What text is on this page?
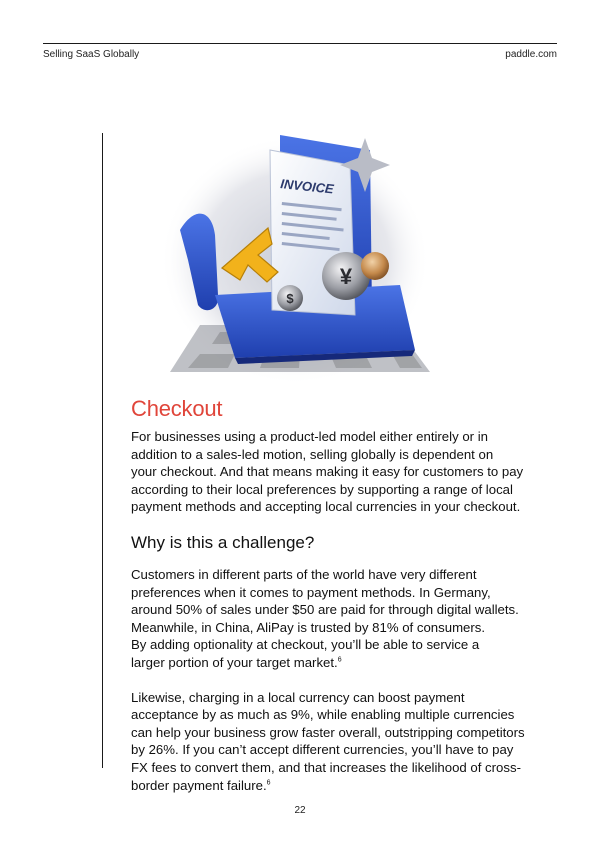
Selling SaaS Globally	paddle.com
INVOICE
$
¥
Checkout

For businesses using a product-led model either entirely or in
addition to a sales-led motion, selling globally is dependent on
your checkout. And that means making it easy for customers to pay
according to their local preferences by supporting a range of local
payment methods and accepting local currencies in your checkout.

Why is this a challenge?

Customers in different parts of the world have very different
preferences when it comes to payment methods. In Germany,
around 50% of sales under $50 are paid for through digital wallets.
Meanwhile, in China, AliPay is trusted by 81% of consumers.
By adding optionality at checkout, you’ll be able to service a
larger portion of your target market.$^6$

Likewise, charging in a local currency can boost payment
acceptance by as much as 9%, while enabling multiple currencies
can help your business grow faster overall, outstripping competitors
by 26%. If you can’t accept different currencies, you’ll have to pay
FX fees to convert them, and that increases the likelihood of cross-
border payment failure.$^6$

22
